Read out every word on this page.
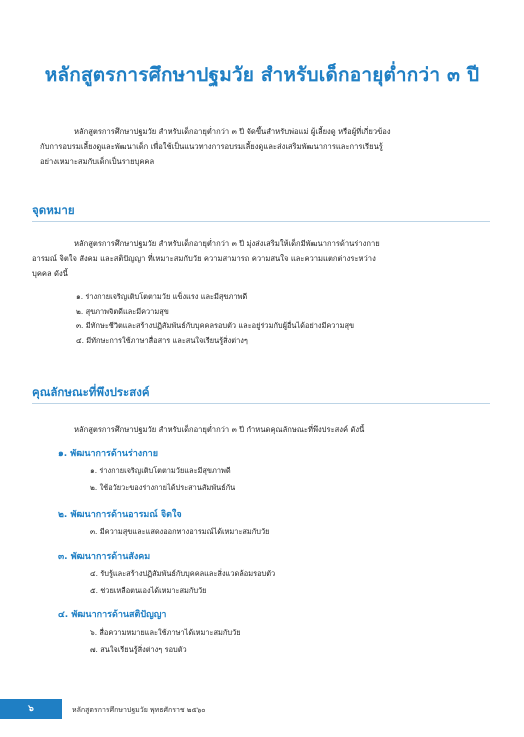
หลักสูตรการศึกษาปฐมวัย สำหรับเด็กอายุต่ำกว่า ๓ ปี
หลักสูตรการศึกษาปฐมวัย สำหรับเด็กอายุต่ำกว่า ๓ ปี จัดขึ้นสำหรับพ่อแม่ ผู้เลี้ยงดู หรือผู้ที่เกี่ยวข้อง
กับการอบรมเลี้ยงดูและพัฒนาเด็ก เพื่อใช้เป็นแนวทางการอบรมเลี้ยงดูและส่งเสริมพัฒนาการและการเรียนรู้
อย่างเหมาะสมกับเด็กเป็นรายบุคคล
จุดหมาย
หลักสูตรการศึกษาปฐมวัย สำหรับเด็กอายุต่ำกว่า ๓ ปี มุ่งส่งเสริมให้เด็กมีพัฒนาการด้านร่างกาย
อารมณ์ จิตใจ สังคม และสติปัญญา ที่เหมาะสมกับวัย ความสามารถ ความสนใจ และความแตกต่างระหว่าง
บุคคล ดังนี้
๑. ร่างกายเจริญเติบโตตามวัย แข็งแรง และมีสุขภาพดี
๒. สุขภาพจิตดีและมีความสุข
๓. มีทักษะชีวิตและสร้างปฏิสัมพันธ์กับบุคคลรอบตัว และอยู่ร่วมกับผู้อื่นได้อย่างมีความสุข
๔. มีทักษะการใช้ภาษาสื่อสาร และสนใจเรียนรู้สิ่งต่างๆ
คุณลักษณะที่พึงประสงค์
หลักสูตรการศึกษาปฐมวัย สำหรับเด็กอายุต่ำกว่า ๓ ปี กำหนดคุณลักษณะที่พึงประสงค์ ดังนี้
๑. พัฒนาการด้านร่างกาย
๑. ร่างกายเจริญเติบโตตามวัยและมีสุขภาพดี
๒. ใช้อวัยวะของร่างกายได้ประสานสัมพันธ์กัน
๒. พัฒนาการด้านอารมณ์ จิตใจ
๓. มีความสุขและแสดงออกทางอารมณ์ได้เหมาะสมกับวัย
๓. พัฒนาการด้านสังคม
๔. รับรู้และสร้างปฏิสัมพันธ์กับบุคคลและสิ่งแวดล้อมรอบตัว
๕. ช่วยเหลือตนเองได้เหมาะสมกับวัย
๔. พัฒนาการด้านสติปัญญา
๖. สื่อความหมายและใช้ภาษาได้เหมาะสมกับวัย
๗. สนใจเรียนรู้สิ่งต่างๆ รอบตัว
๖	หลักสูตรการศึกษาปฐมวัย พุทธศักราช ๒๕๖๐
